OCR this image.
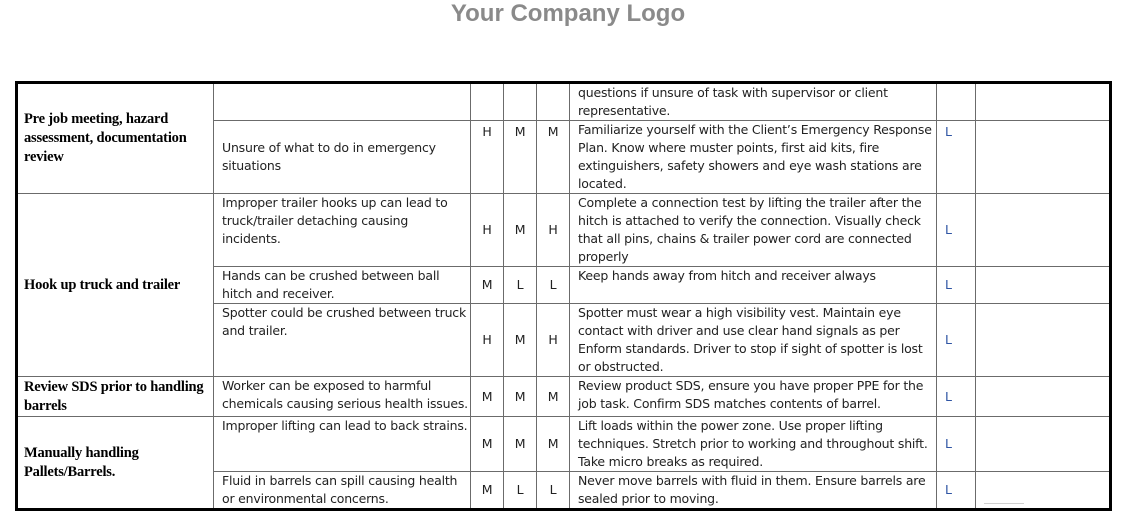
Your Company Logo
Pre job meeting, hazard assessment, documentation review					questions if unsure of task with supervisor or client representative.		
	Unsure of what to do in emergency situations	H	M	M	Familiarize yourself with the Client’s Emergency Response Plan. Know where muster points, first aid kits, fire extinguishers, safety showers and eye wash stations are located.	L	
Hook up truck and trailer	Improper trailer hooks up can lead to truck/trailer detaching causing incidents.	H	M	H	Complete a connection test by lifting the trailer after the hitch is attached to verify the connection. Visually check that all pins, chains & trailer power cord are connected properly	L	
	Hands can be crushed between ball hitch and receiver.	M	L	L	Keep hands away from hitch and receiver always	L	
	Spotter could be crushed between truck and trailer.	H	M	H	Spotter must wear a high visibility vest. Maintain eye contact with driver and use clear hand signals as per Enform standards. Driver to stop if sight of spotter is lost or obstructed.	L	
Review SDS prior to handling barrels	Worker can be exposed to harmful chemicals causing serious health issues.	M	M	M	Review product SDS, ensure you have proper PPE for the job task. Confirm SDS matches contents of barrel.	L	
Manually handling Pallets/Barrels.	Improper lifting can lead to back strains.	M	M	M	Lift loads within the power zone. Use proper lifting techniques. Stretch prior to working and throughout shift. Take micro breaks as required.	L	
	Fluid in barrels can spill causing health or environmental concerns.	M	L	L	Never move barrels with fluid in them. Ensure barrels are sealed prior to moving.	L	
